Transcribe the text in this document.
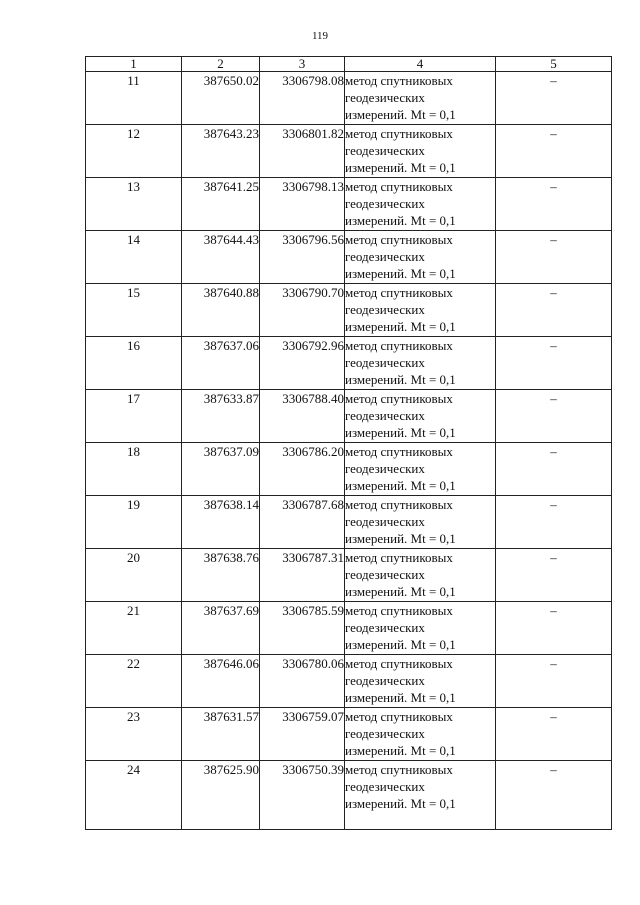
119
1	2	3	4	5
11	387650.02	3306798.08	метод спутниковых
геодезических
измерений. Mt = 0,1	–
12	387643.23	3306801.82	метод спутниковых
геодезических
измерений. Mt = 0,1	–
13	387641.25	3306798.13	метод спутниковых
геодезических
измерений. Mt = 0,1	–
14	387644.43	3306796.56	метод спутниковых
геодезических
измерений. Mt = 0,1	–
15	387640.88	3306790.70	метод спутниковых
геодезических
измерений. Mt = 0,1	–
16	387637.06	3306792.96	метод спутниковых
геодезических
измерений. Mt = 0,1	–
17	387633.87	3306788.40	метод спутниковых
геодезических
измерений. Mt = 0,1	–
18	387637.09	3306786.20	метод спутниковых
геодезических
измерений. Mt = 0,1	–
19	387638.14	3306787.68	метод спутниковых
геодезических
измерений. Mt = 0,1	–
20	387638.76	3306787.31	метод спутниковых
геодезических
измерений. Mt = 0,1	–
21	387637.69	3306785.59	метод спутниковых
геодезических
измерений. Mt = 0,1	–
22	387646.06	3306780.06	метод спутниковых
геодезических
измерений. Mt = 0,1	–
23	387631.57	3306759.07	метод спутниковых
геодезических
измерений. Mt = 0,1	–
24	387625.90	3306750.39	метод спутниковых
геодезических
измерений. Mt = 0,1	–
